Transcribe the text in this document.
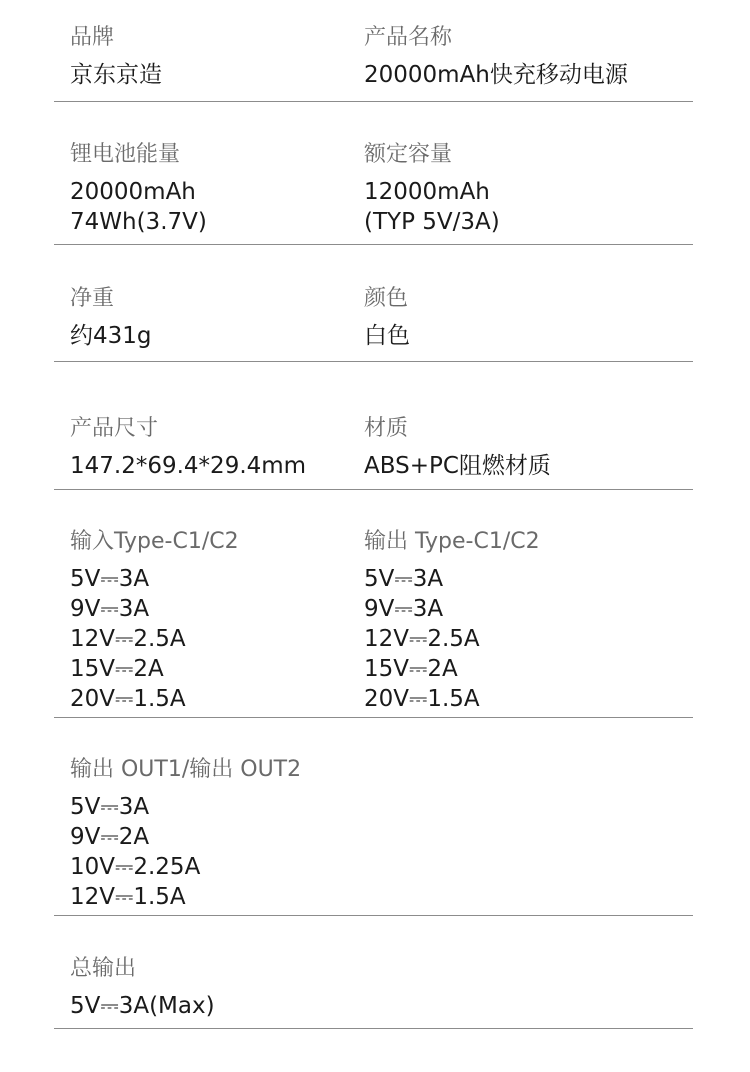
品牌
京东京造
产品名称
20000mAh快充移动电源
锂电池能量
20000mAh
74Wh(3.7V)
额定容量
12000mAh
(TYP 5V/3A)
净重
约431g
颜色
白色
产品尺寸
147.2*69.4*29.4mm
材质
ABS+PC阻燃材质
输入Type-C1/C2
5V⎓3A
9V⎓3A
12V⎓2.5A
15V⎓2A
20V⎓1.5A
输出 Type-C1/C2
5V⎓3A
9V⎓3A
12V⎓2.5A
15V⎓2A
20V⎓1.5A
输出 OUT1/输出 OUT2
5V⎓3A
9V⎓2A
10V⎓2.25A
12V⎓1.5A
总输出
5V⎓3A(Max)
